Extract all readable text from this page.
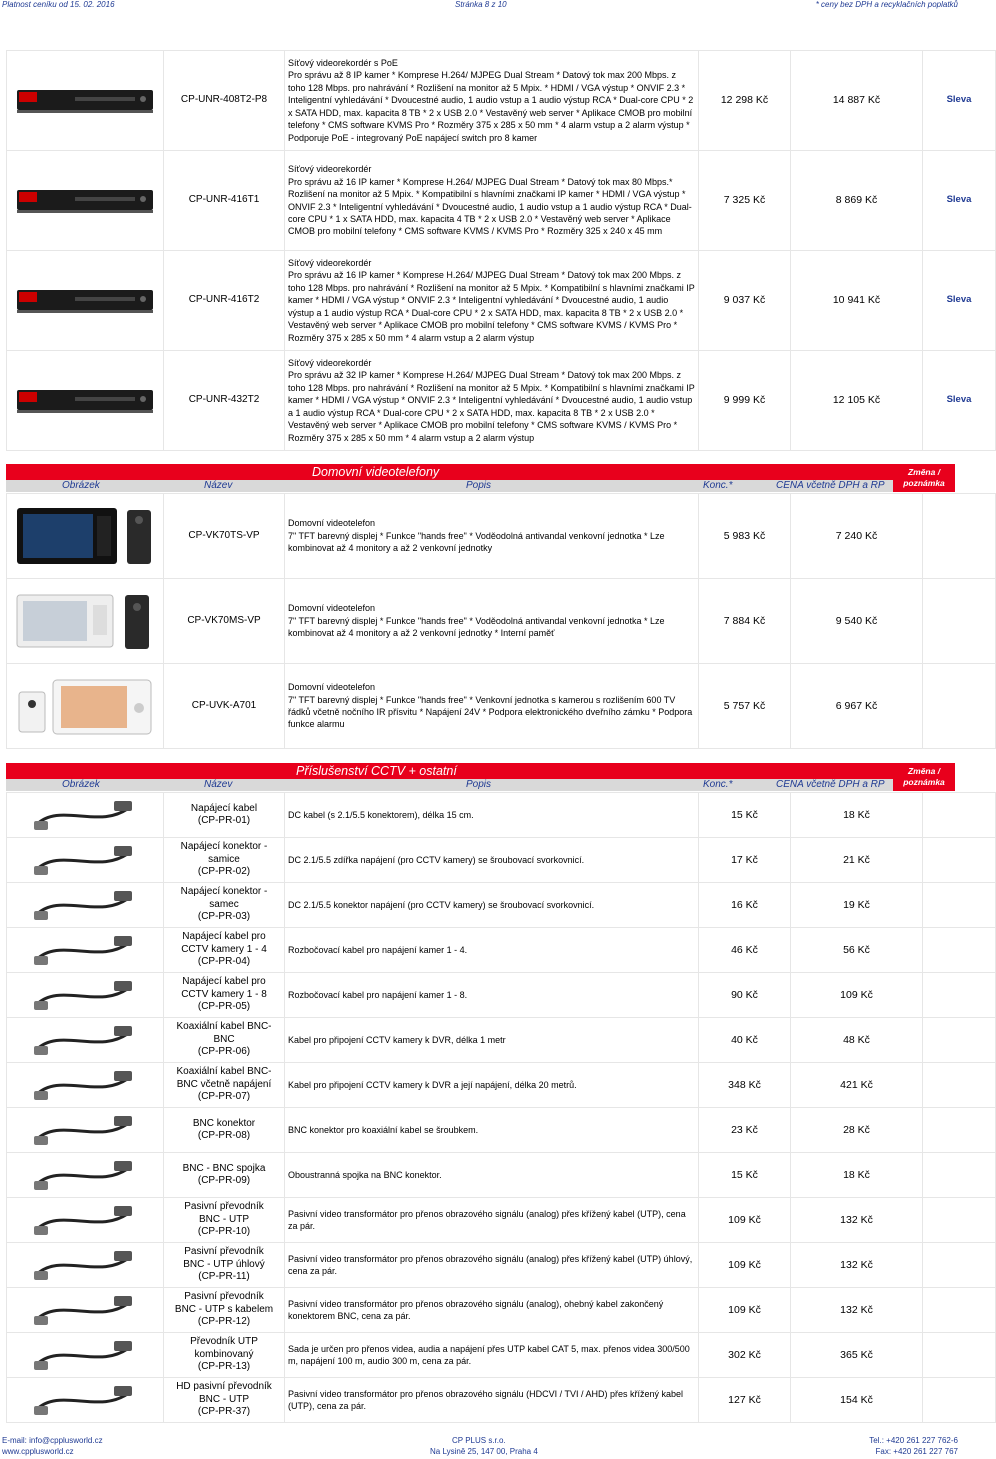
Platnost ceníku od 15. 02. 2016	Stránka 8 z 10	* ceny bez DPH a recyklačních poplatků
	CP-UNR-408T2-P8	Síťový videorekordér s PoE
Pro správu až 8 IP kamer * Komprese H.264/ MJPEG Dual Stream * Datový tok max 200 Mbps. z toho 128 Mbps. pro nahrávání * Rozlišení na monitor až 5 Mpix. * HDMI / VGA výstup * ONVIF 2.3 * Inteligentní vyhledávání * Dvoucestné audio, 1 audio vstup a 1 audio výstup RCA * Dual-core CPU * 2 x SATA HDD, max. kapacita 8 TB * 2 x USB 2.0 * Vestavěný web server * Aplikace CMOB pro mobilní telefony * CMS software KVMS Pro * Rozměry 375 x 285 x 50 mm * 4 alarm vstup a 2 alarm výstup * Podporuje PoE - integrovaný PoE napájecí switch pro 8 kamer	12 298 Kč	14 887 Kč	Sleva

	CP-UNR-416T1	Síťový videorekordér
Pro správu až 16 IP kamer * Komprese H.264/ MJPEG Dual Stream * Datový tok max 80 Mbps.* Rozlišení na monitor až 5 Mpix. * Kompatibilní s hlavními značkami IP kamer * HDMI / VGA výstup * ONVIF 2.3 * Inteligentní vyhledávání * Dvoucestné audio, 1 audio vstup a 1 audio výstup RCA * Dual-core CPU * 1 x SATA HDD, max. kapacita 4 TB * 2 x USB 2.0 * Vestavěný web server * Aplikace CMOB pro mobilní telefony * CMS software KVMS / KVMS Pro * Rozměry 325 x 240 x 45 mm	7 325 Kč	8 869 Kč	Sleva

	CP-UNR-416T2	Síťový videorekordér
Pro správu až 16 IP kamer * Komprese H.264/ MJPEG Dual Stream * Datový tok max 200 Mbps. z toho 128 Mbps. pro nahrávání * Rozlišení na monitor až 5 Mpix. * Kompatibilní s hlavními značkami IP kamer * HDMI / VGA výstup * ONVIF 2.3 * Inteligentní vyhledávání * Dvoucestné audio, 1 audio výstup a 1 audio výstup RCA * Dual-core CPU * 2 x SATA HDD, max. kapacita 8 TB * 2 x USB 2.0 * Vestavěný web server * Aplikace CMOB pro mobilní telefony * CMS software KVMS / KVMS Pro * Rozměry 375 x 285 x 50 mm * 4 alarm vstup a 2 alarm výstup	9 037 Kč	10 941 Kč	Sleva

	CP-UNR-432T2	Síťový videorekordér
Pro správu až 32 IP kamer * Komprese H.264/ MJPEG Dual Stream * Datový tok max 200 Mbps. z toho 128 Mbps. pro nahrávání * Rozlišení na monitor až 5 Mpix. * Kompatibilní s hlavními značkami IP kamer * HDMI / VGA výstup * ONVIF 2.3 * Inteligentní vyhledávání * Dvoucestné audio, 1 audio vstup a 1 audio výstup RCA * Dual-core CPU * 2 x SATA HDD, max. kapacita 8 TB * 2 x USB 2.0 * Vestavěný web server * Aplikace CMOB pro mobilní telefony * CMS software KVMS / KVMS Pro * Rozměry 375 x 285 x 50 mm * 4 alarm vstup a 2 alarm výstup	9 999 Kč	12 105 Kč	Sleva
Domovní videotelefony
Obrázek	Název	Popis	Konc.*	CENA včetně DPH a RP
Změna / poznámka
	CP-VK70TS-VP	Domovní videotelefon
7" TFT barevný displej * Funkce "hands free" * Voděodolná antivandal venkovní jednotka * Lze kombinovat až 4 monitory a až 2 venkovní jednotky	5 983 Kč	7 240 Kč	

	CP-VK70MS-VP	Domovní videotelefon
7" TFT barevný displej * Funkce "hands free" * Voděodolná antivandal venkovní jednotka * Lze kombinovat až 4 monitory a až 2 venkovní jednotky * Interní paměť	7 884 Kč	9 540 Kč	

	CP-UVK-A701	Domovní videotelefon
7" TFT barevný displej * Funkce "hands free" * Venkovní jednotka s kamerou s rozlišením 600 TV řádků včetně nočního IR přísvitu * Napájení 24V * Podpora elektronického dveřního zámku * Podpora funkce alarmu	5 757 Kč	6 967 Kč	
Příslušenství CCTV + ostatní
Obrázek	Název	Popis	Konc.*	CENA včetně DPH a RP
Změna / poznámka
	Napájecí kabel
(CP-PR-01)	DC kabel (s 2.1/5.5 konektorem), délka 15 cm.	15 Kč	18 Kč	

	Napájecí konektor -
samice
(CP-PR-02)	DC 2.1/5.5 zdířka napájení (pro CCTV kamery) se šroubovací svorkovnicí.	17 Kč	21 Kč	

	Napájecí konektor -
samec
(CP-PR-03)	DC 2.1/5.5 konektor napájení (pro CCTV kamery) se šroubovací svorkovnicí.	16 Kč	19 Kč	

	Napájecí kabel pro
CCTV kamery 1 - 4
(CP-PR-04)	Rozbočovací kabel pro napájení kamer 1 - 4.	46 Kč	56 Kč	

	Napájecí kabel pro
CCTV kamery 1 - 8
(CP-PR-05)	Rozbočovací kabel pro napájení kamer 1 - 8.	90 Kč	109 Kč	

	Koaxiální kabel BNC-
BNC
(CP-PR-06)	Kabel pro připojení CCTV kamery k DVR, délka 1 metr	40 Kč	48 Kč	

	Koaxiální kabel BNC-
BNC včetně napájení
(CP-PR-07)	Kabel pro připojení CCTV kamery k DVR a její napájení, délka 20 metrů.	348 Kč	421 Kč	

	BNC konektor
(CP-PR-08)	BNC konektor pro koaxiální kabel se šroubkem.	23 Kč	28 Kč	

	BNC - BNC spojka
(CP-PR-09)	Oboustranná spojka na BNC konektor.	15 Kč	18 Kč	

	Pasivní převodník
BNC - UTP
(CP-PR-10)	Pasivní video transformátor pro přenos obrazového signálu (analog) přes křížený kabel (UTP), cena za pár.	109 Kč	132 Kč	

	Pasivní převodník
BNC - UTP úhlový
(CP-PR-11)	Pasivní video transformátor pro přenos obrazového signálu (analog) přes křížený kabel (UTP) úhlový, cena za pár.	109 Kč	132 Kč	

	Pasivní převodník
BNC - UTP s kabelem
(CP-PR-12)	Pasivní video transformátor pro přenos obrazového signálu (analog), ohebný kabel zakončený konektorem BNC, cena za pár.	109 Kč	132 Kč	

	Převodník UTP
kombinovaný
(CP-PR-13)	Sada je určen pro přenos videa, audia a napájení přes UTP kabel CAT 5, max. přenos videa 300/500 m, napájení 100 m, audio 300 m, cena za pár.	302 Kč	365 Kč	

	HD pasivní převodník
BNC - UTP
(CP-PR-37)	Pasivní video transformátor pro přenos obrazového signálu (HDCVI / TVI / AHD) přes křížený kabel (UTP), cena za pár.	127 Kč	154 Kč	
E-mail: info@cpplusworld.cz
www.cpplusworld.cz
CP PLUS s.r.o.
Na Lysině 25, 147 00, Praha 4
Tel.: +420 261 227 762-6
Fax: +420 261 227 767
